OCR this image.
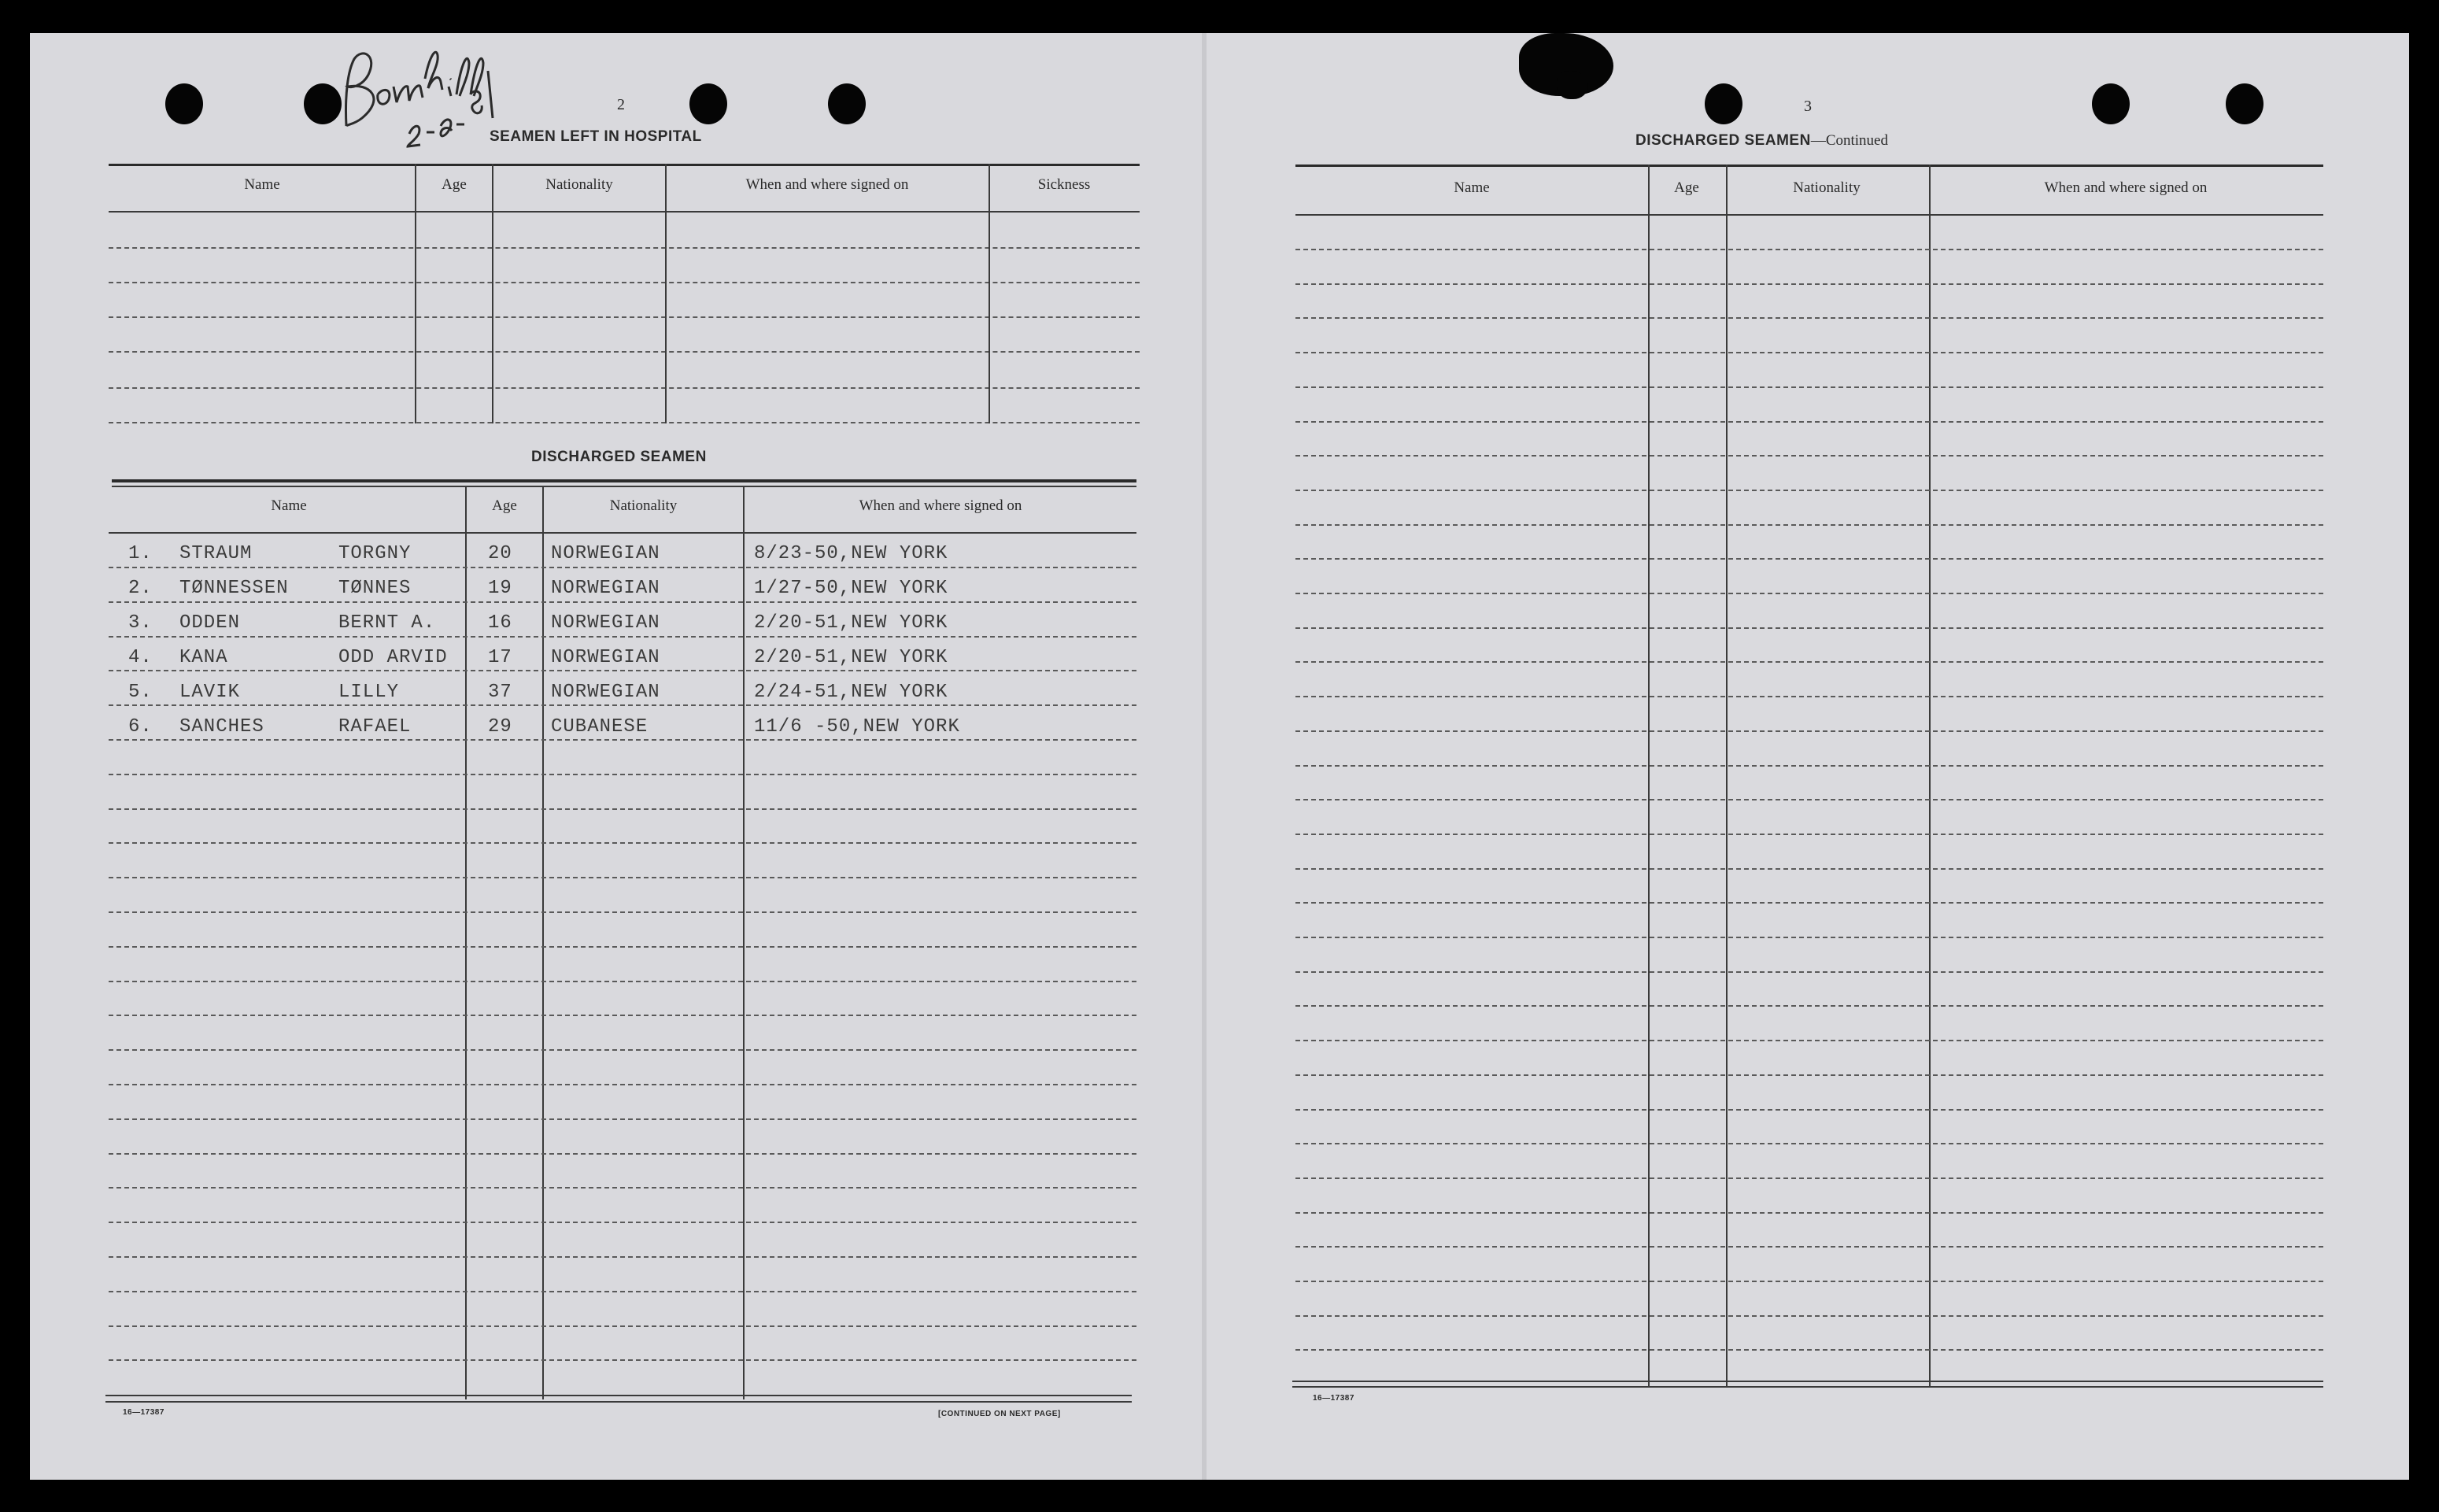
2
SEAMEN LEFT IN HOSPITAL
Name	Age	Nationality	When and where signed on	Sickness
DISCHARGED SEAMEN
Name	Age	Nationality	When and where signed on
1. STRAUM	TORGNY	20 NORWEGIAN	8/23-50,NEW YORK
2. TØNNESSEN	TØNNES	19 NORWEGIAN	1/27-50,NEW YORK
3. ODDEN	BERNT A.	16 NORWEGIAN	2/20-51,NEW YORK
4. KANA	ODD ARVID 17 NORWEGIAN	2/20-51,NEW YORK
5. LAVIK	LILLY	37 NORWEGIAN	2/24-51,NEW YORK
6. SANCHES	RAFAEL	29 CUBANESE	11/6 -50,NEW YORK
16—17387	[CONTINUED ON NEXT PAGE]
3
DISCHARGED SEAMEN—Continued
Name	Age	Nationality	When and where signed on
16—17387
